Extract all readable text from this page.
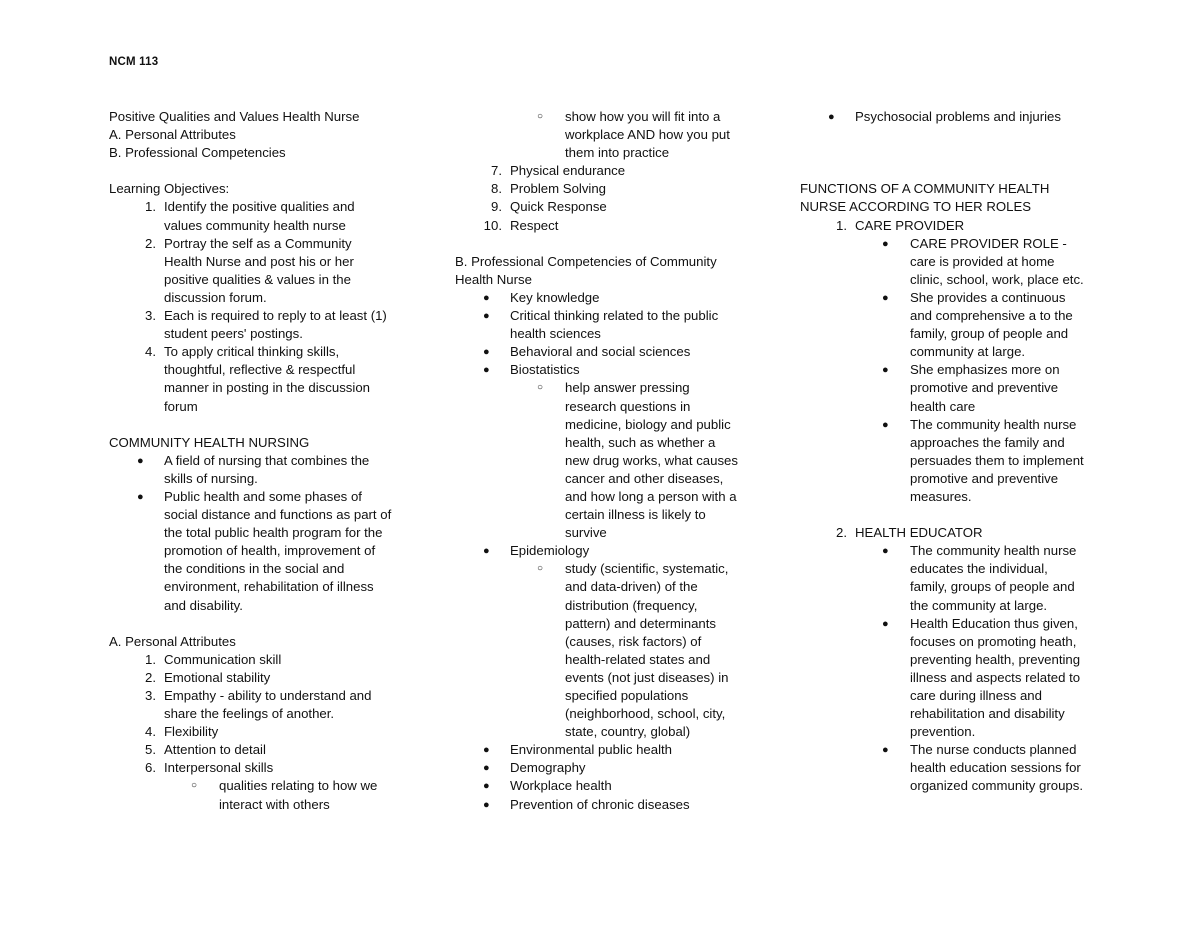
NCM 113
Positive Qualities and Values Health Nurse
A. Personal Attributes
B. Professional Competencies
Learning Objectives:
1. Identify the positive qualities and
values community health nurse
2. Portray the self as a Community
Health Nurse and post his or her
positive qualities & values in the
discussion forum.
3. Each is required to reply to at least (1)
student peers' postings.
4. To apply critical thinking skills,
thoughtful, reflective & respectful
manner in posting in the discussion
forum
COMMUNITY HEALTH NURSING
● A field of nursing that combines the
skills of nursing.
● Public health and some phases of
social distance and functions as part of
the total public health program for the
promotion of health, improvement of
the conditions in the social and
environment, rehabilitation of illness
and disability.
A. Personal Attributes
1. Communication skill
2. Emotional stability
3. Empathy - ability to understand and
share the feelings of another.
4. Flexibility
5. Attention to detail
6. Interpersonal skills
○ qualities relating to how we
interact with others
○ show how you will fit into a
workplace AND how you put
them into practice
7. Physical endurance
8. Problem Solving
9. Quick Response
10. Respect
B. Professional Competencies of Community
Health Nurse
● Key knowledge
● Critical thinking related to the public
health sciences
● Behavioral and social sciences
● Biostatistics
○ help answer pressing
research questions in
medicine, biology and public
health, such as whether a
new drug works, what causes
cancer and other diseases,
and how long a person with a
certain illness is likely to
survive
● Epidemiology
○ study (scientific, systematic,
and data-driven) of the
distribution (frequency,
pattern) and determinants
(causes, risk factors) of
health-related states and
events (not just diseases) in
specified populations
(neighborhood, school, city,
state, country, global)
● Environmental public health
● Demography
● Workplace health
● Prevention of chronic diseases
● Psychosocial problems and injuries
FUNCTIONS OF A COMMUNITY HEALTH
NURSE ACCORDING TO HER ROLES
1. CARE PROVIDER
● CARE PROVIDER ROLE -
care is provided at home
clinic, school, work, place etc.
● She provides a continuous
and comprehensive a to the
family, group of people and
community at large.
● She emphasizes more on
promotive and preventive
health care
● The community health nurse
approaches the family and
persuades them to implement
promotive and preventive
measures.
2. HEALTH EDUCATOR
● The community health nurse
educates the individual,
family, groups of people and
the community at large.
● Health Education thus given,
focuses on promoting heath,
preventing health, preventing
illness and aspects related to
care during illness and
rehabilitation and disability
prevention.
● The nurse conducts planned
health education sessions for
organized community groups.
